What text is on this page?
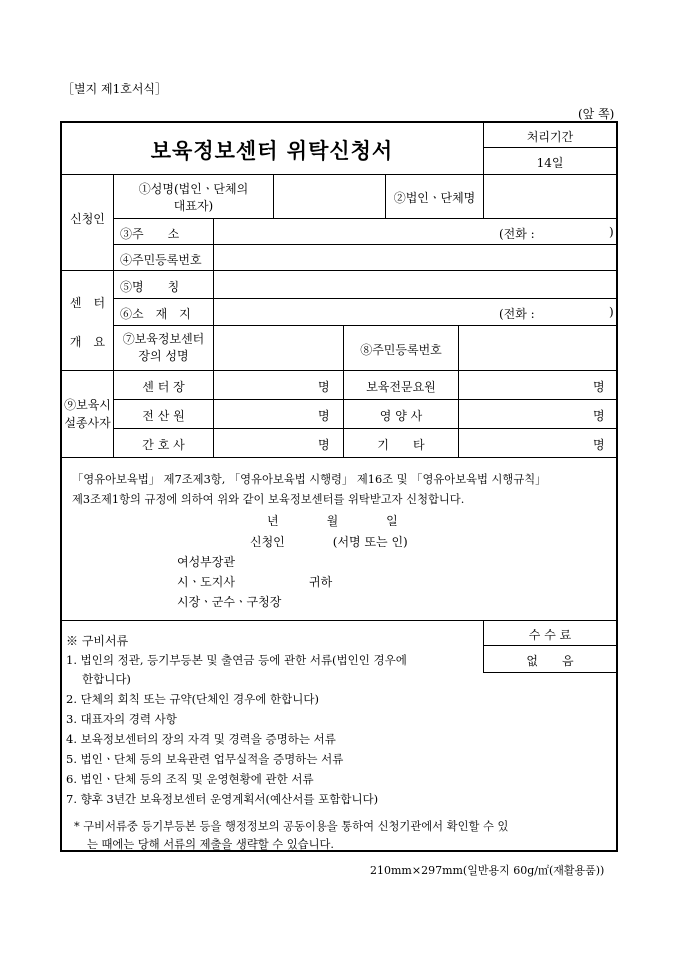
［별지 제1호서식］
(앞 쪽)
보육정보센터 위탁신청서
처리기간
14일
신청인
①성명(법인ㆍ단체의
대표자)
②법인ㆍ단체명
③주　　소	(전화 :	)
④주민등록번호
센　터
개　요
⑤명　　칭
⑥소　재　지	(전화 :	)
⑦보육정보센터
장의 성명	⑧주민등록번호
⑨보육시
설종사자
센 터 장	명	보육전문요원	명
전 산 원	명	영 양 사	명
간 호 사	명	기　　타	명
「영유아보육법」 제7조제3항, 「영유아보육법 시행령」 제16조 및 「영유아보육법 시행규칙」
제3조제1항의 규정에 의하여 위와 같이 보육정보센터를 위탁받고자 신청합니다.
년　　　　월　　　　일
신청인　　　　(서명 또는 인)
여성부장관
시ㆍ도지사	귀하
시장ㆍ군수ㆍ구청장
수 수 료
없　　음
※ 구비서류
1. 법인의 정관, 등기부등본 및 출연금 등에 관한 서류(법인인 경우에
한합니다)
2. 단체의 회칙 또는 규약(단체인 경우에 한합니다)
3. 대표자의 경력 사항
4. 보육정보센터의 장의 자격 및 경력을 증명하는 서류
5. 법인ㆍ단체 등의 보육관련 업무실적을 증명하는 서류
6. 법인ㆍ단체 등의 조직 및 운영현황에 관한 서류
7. 향후 3년간 보육정보센터 운영계획서(예산서를 포함합니다)
* 구비서류중 등기부등본 등을 행정정보의 공동이용을 통하여 신청기관에서 확인할 수 있
는 때에는 당해 서류의 제출을 생략할 수 있습니다.
210mm×297mm(일반용지 60g/㎡(재활용품))
